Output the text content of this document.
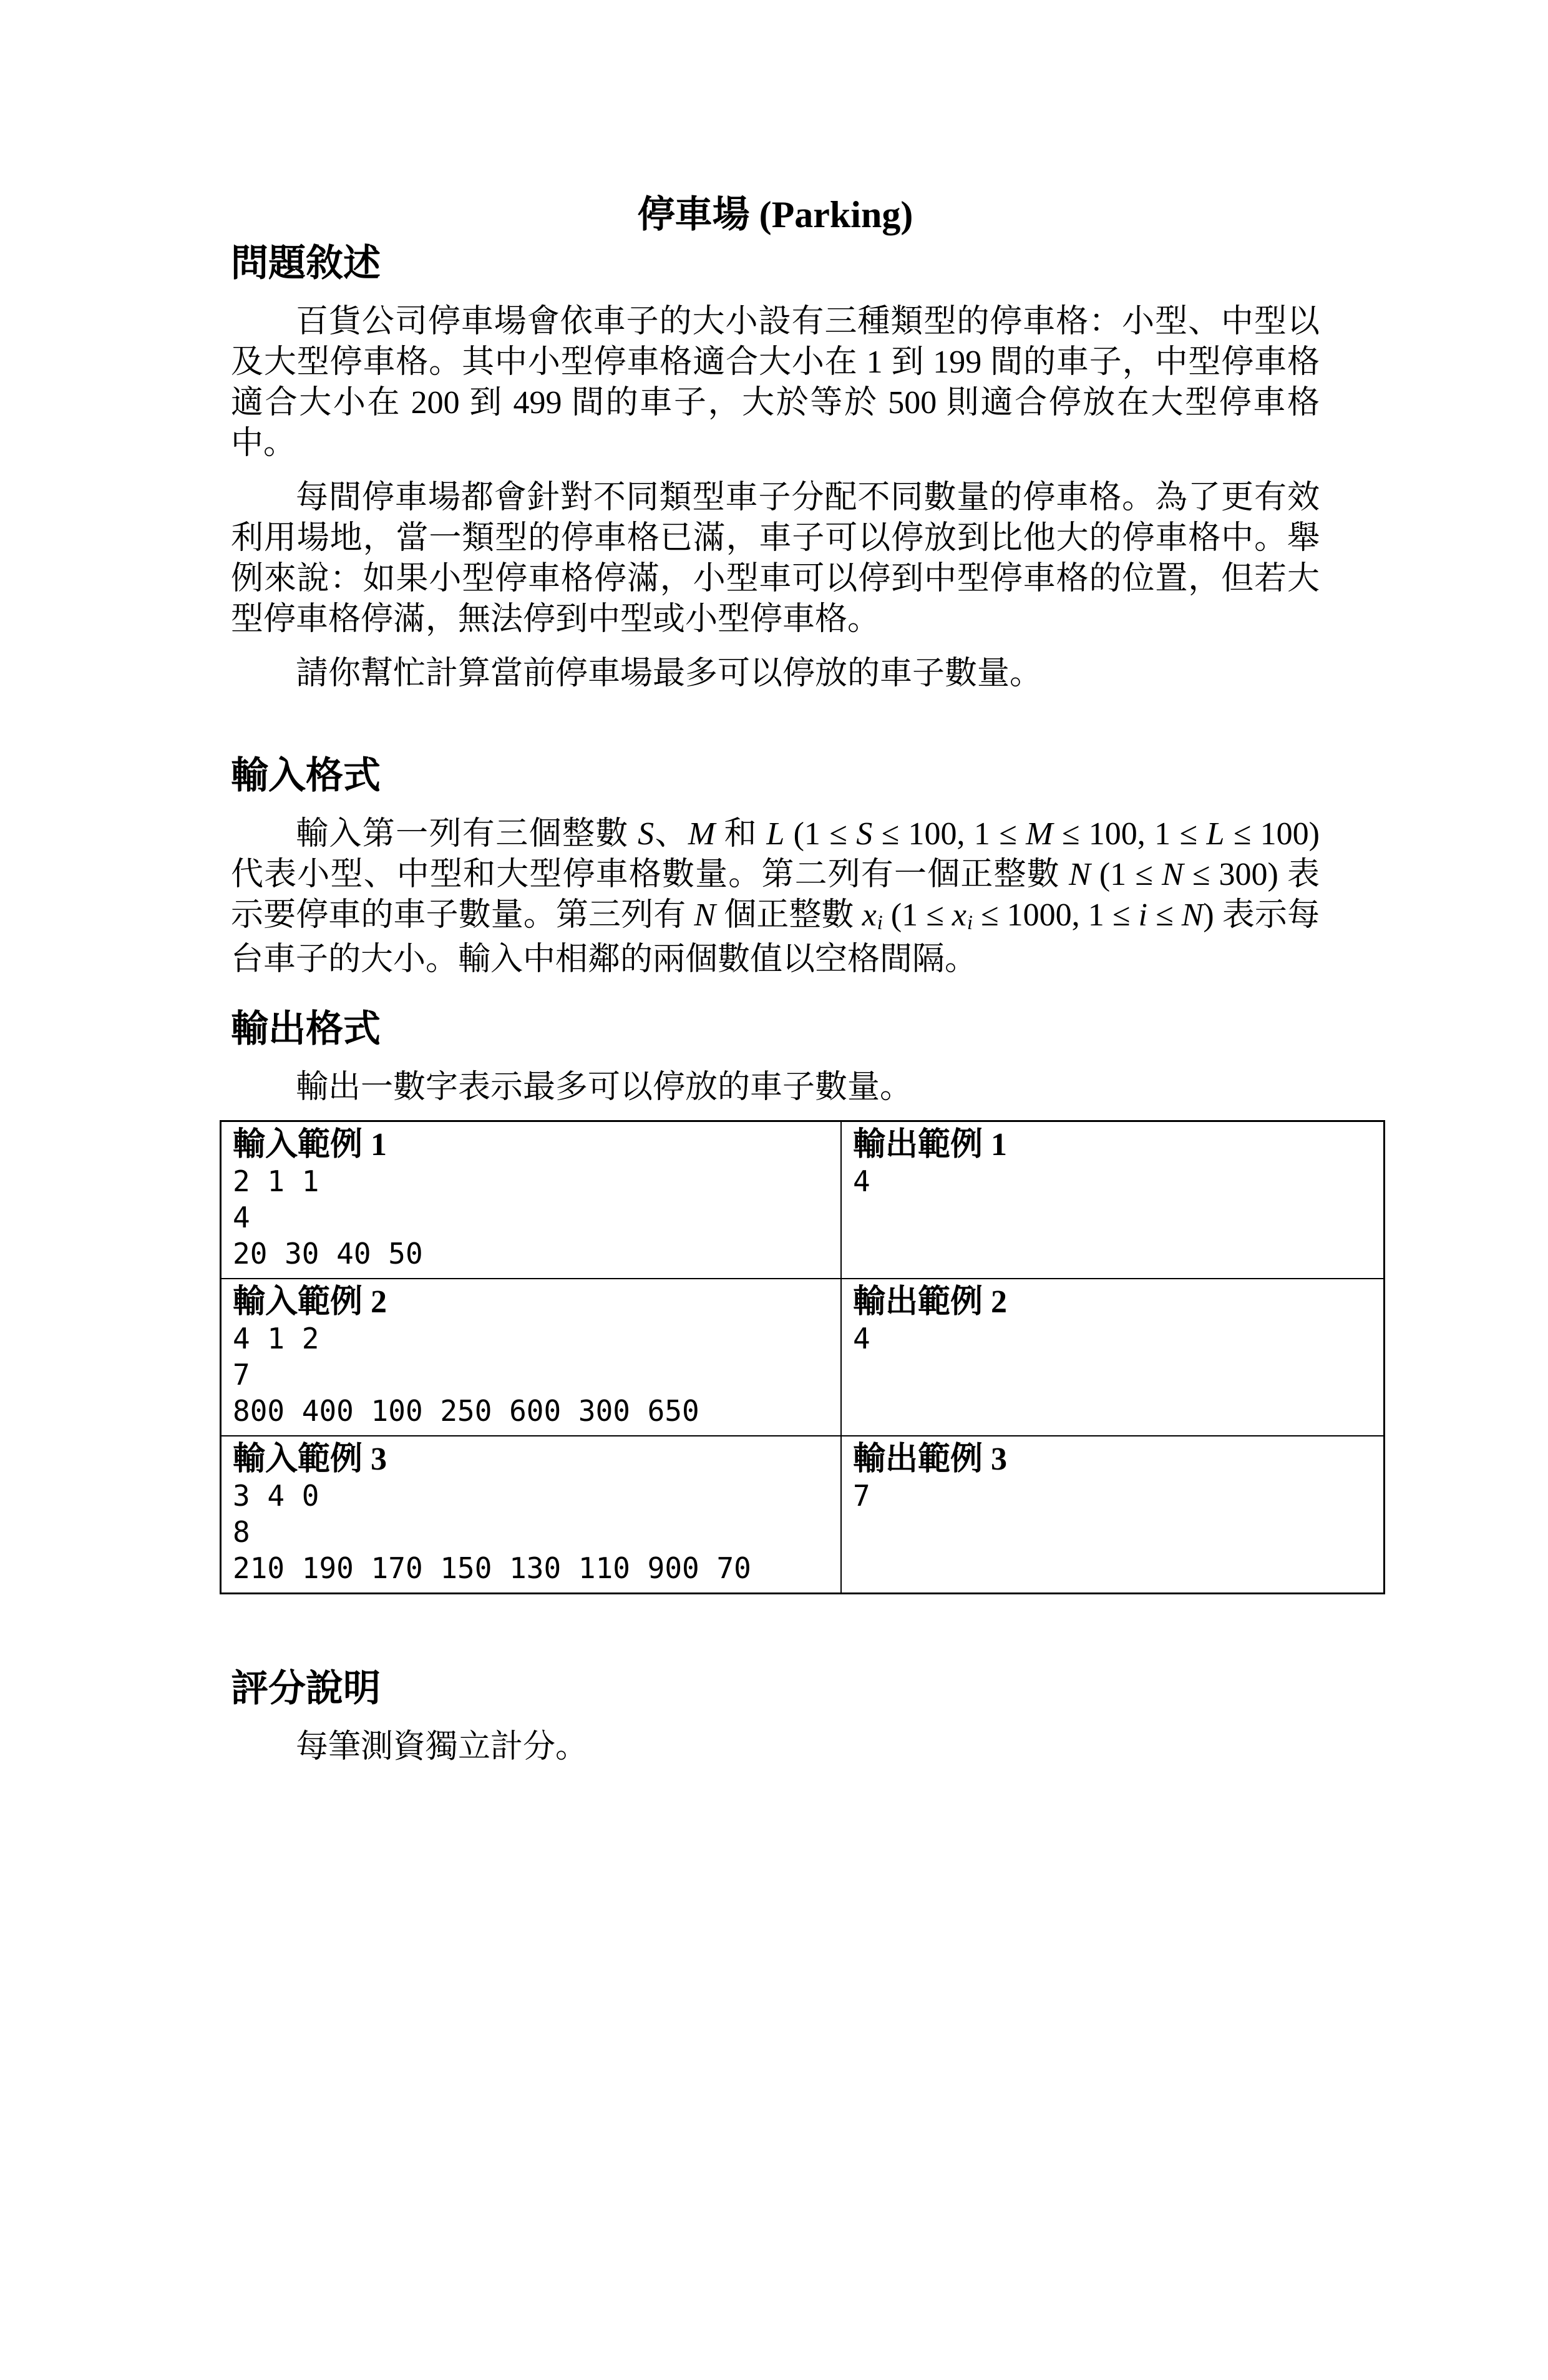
停車場 (Parking)
問題敘述

百貨公司停車場會依車子的大小設有三種類型的停車格：小型、中型以及大型停車格。其中小型停車格適合大小在 1 到 199 間的車子，中型停車格適合大小在 200 到 499 間的車子，大於等於 500 則適合停放在大型停車格中。

每間停車場都會針對不同類型車子分配不同數量的停車格。為了更有效利用場地，當一類型的停車格已滿，車子可以停放到比他大的停車格中。舉例來說：如果小型停車格停滿，小型車可以停到中型停車格的位置，但若大型停車格停滿，無法停到中型或小型停車格。

請你幫忙計算當前停車場最多可以停放的車子數量。

輸入格式

輸入第一列有三個整數 S、M 和 L (1 ≤ S ≤ 100, 1 ≤ M ≤ 100, 1 ≤ L ≤ 100) 代表小型、中型和大型停車格數量。第二列有一個正整數 N (1 ≤ N ≤ 300) 表示要停車的車子數量。第三列有 N 個正整數 xi (1 ≤ xi ≤ 1000, 1 ≤ i ≤ N) 表示每台車子的大小。輸入中相鄰的兩個數值以空格間隔。

輸出格式

輸出一數字表示最多可以停放的車子數量。

輸入範例 1
2 1 1
4
20 30 40 50

輸出範例 1
4

輸入範例 2
4 1 2
7
800 400 100 250 600 300 650

輸出範例 2
4

輸入範例 3
3 4 0
8
210 190 170 150 130 110 900 70

輸出範例 3
7
評分說明

每筆測資獨立計分。
